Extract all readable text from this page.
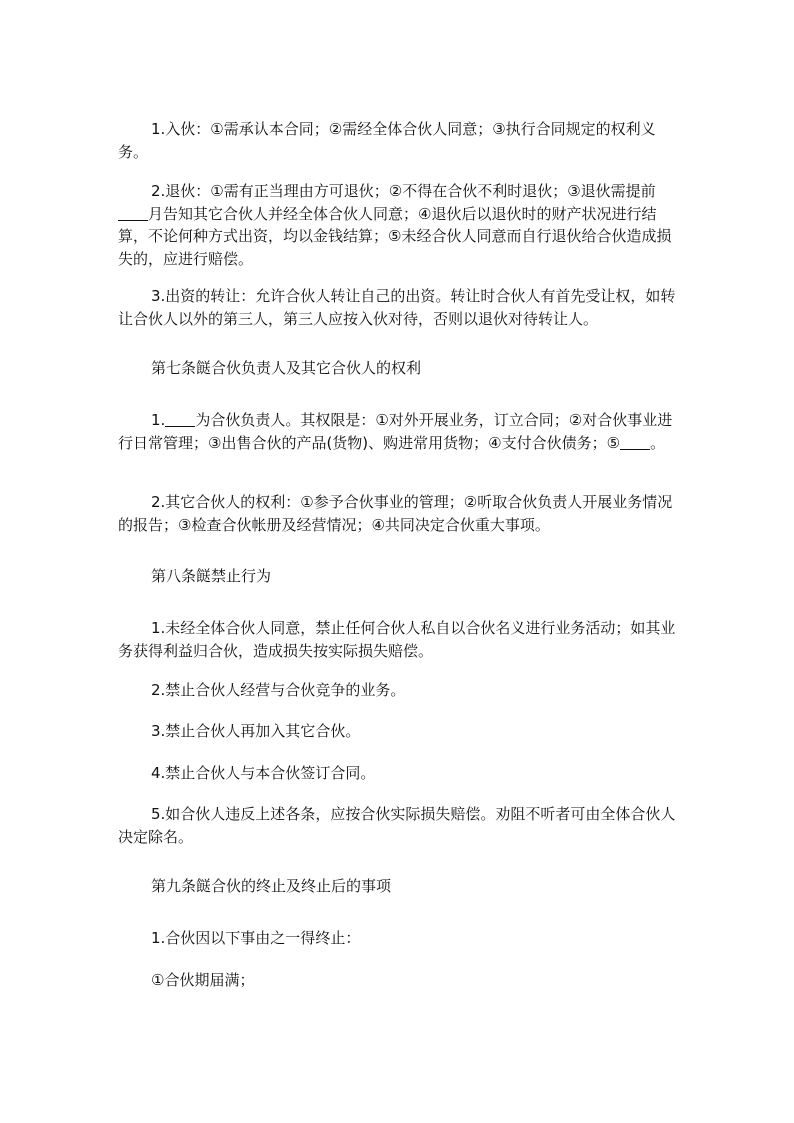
1.入伙：①需承认本合同；②需经全体合伙人同意；③执行合同规定的权利义务。

2.退伙：①需有正当理由方可退伙；②不得在合伙不利时退伙；③退伙需提前月告知其它合伙人并经全体合伙人同意；④退伙后以退伙时的财产状况进行结算，不论何种方式出资，均以金钱结算；⑤未经合伙人同意而自行退伙给合伙造成损失的，应进行赔偿。

3.出资的转让：允许合伙人转让自己的出资。转让时合伙人有首先受让权，如转让合伙人以外的第三人，第三人应按入伙对待，否则以退伙对待转让人。

第七条餸合伙负责人及其它合伙人的权利

1. 为合伙负责人。其权限是：①对外开展业务，订立合同；②对合伙事业进行日常管理；③出售合伙的产品(货物)、购进常用货物；④支付合伙债务；⑤ 。

2.其它合伙人的权利：①参予合伙事业的管理；②听取合伙负责人开展业务情况的报告；③检查合伙帐册及经营情况；④共同决定合伙重大事项。

第八条餸禁止行为

1.未经全体合伙人同意，禁止任何合伙人私自以合伙名义进行业务活动；如其业务获得利益归合伙，造成损失按实际损失赔偿。

2.禁止合伙人经营与合伙竞争的业务。

3.禁止合伙人再加入其它合伙。

4.禁止合伙人与本合伙签订合同。

5.如合伙人违反上述各条，应按合伙实际损失赔偿。劝阻不听者可由全体合伙人决定除名。

第九条餸合伙的终止及终止后的事项

1.合伙因以下事由之一得终止：

①合伙期届满；
